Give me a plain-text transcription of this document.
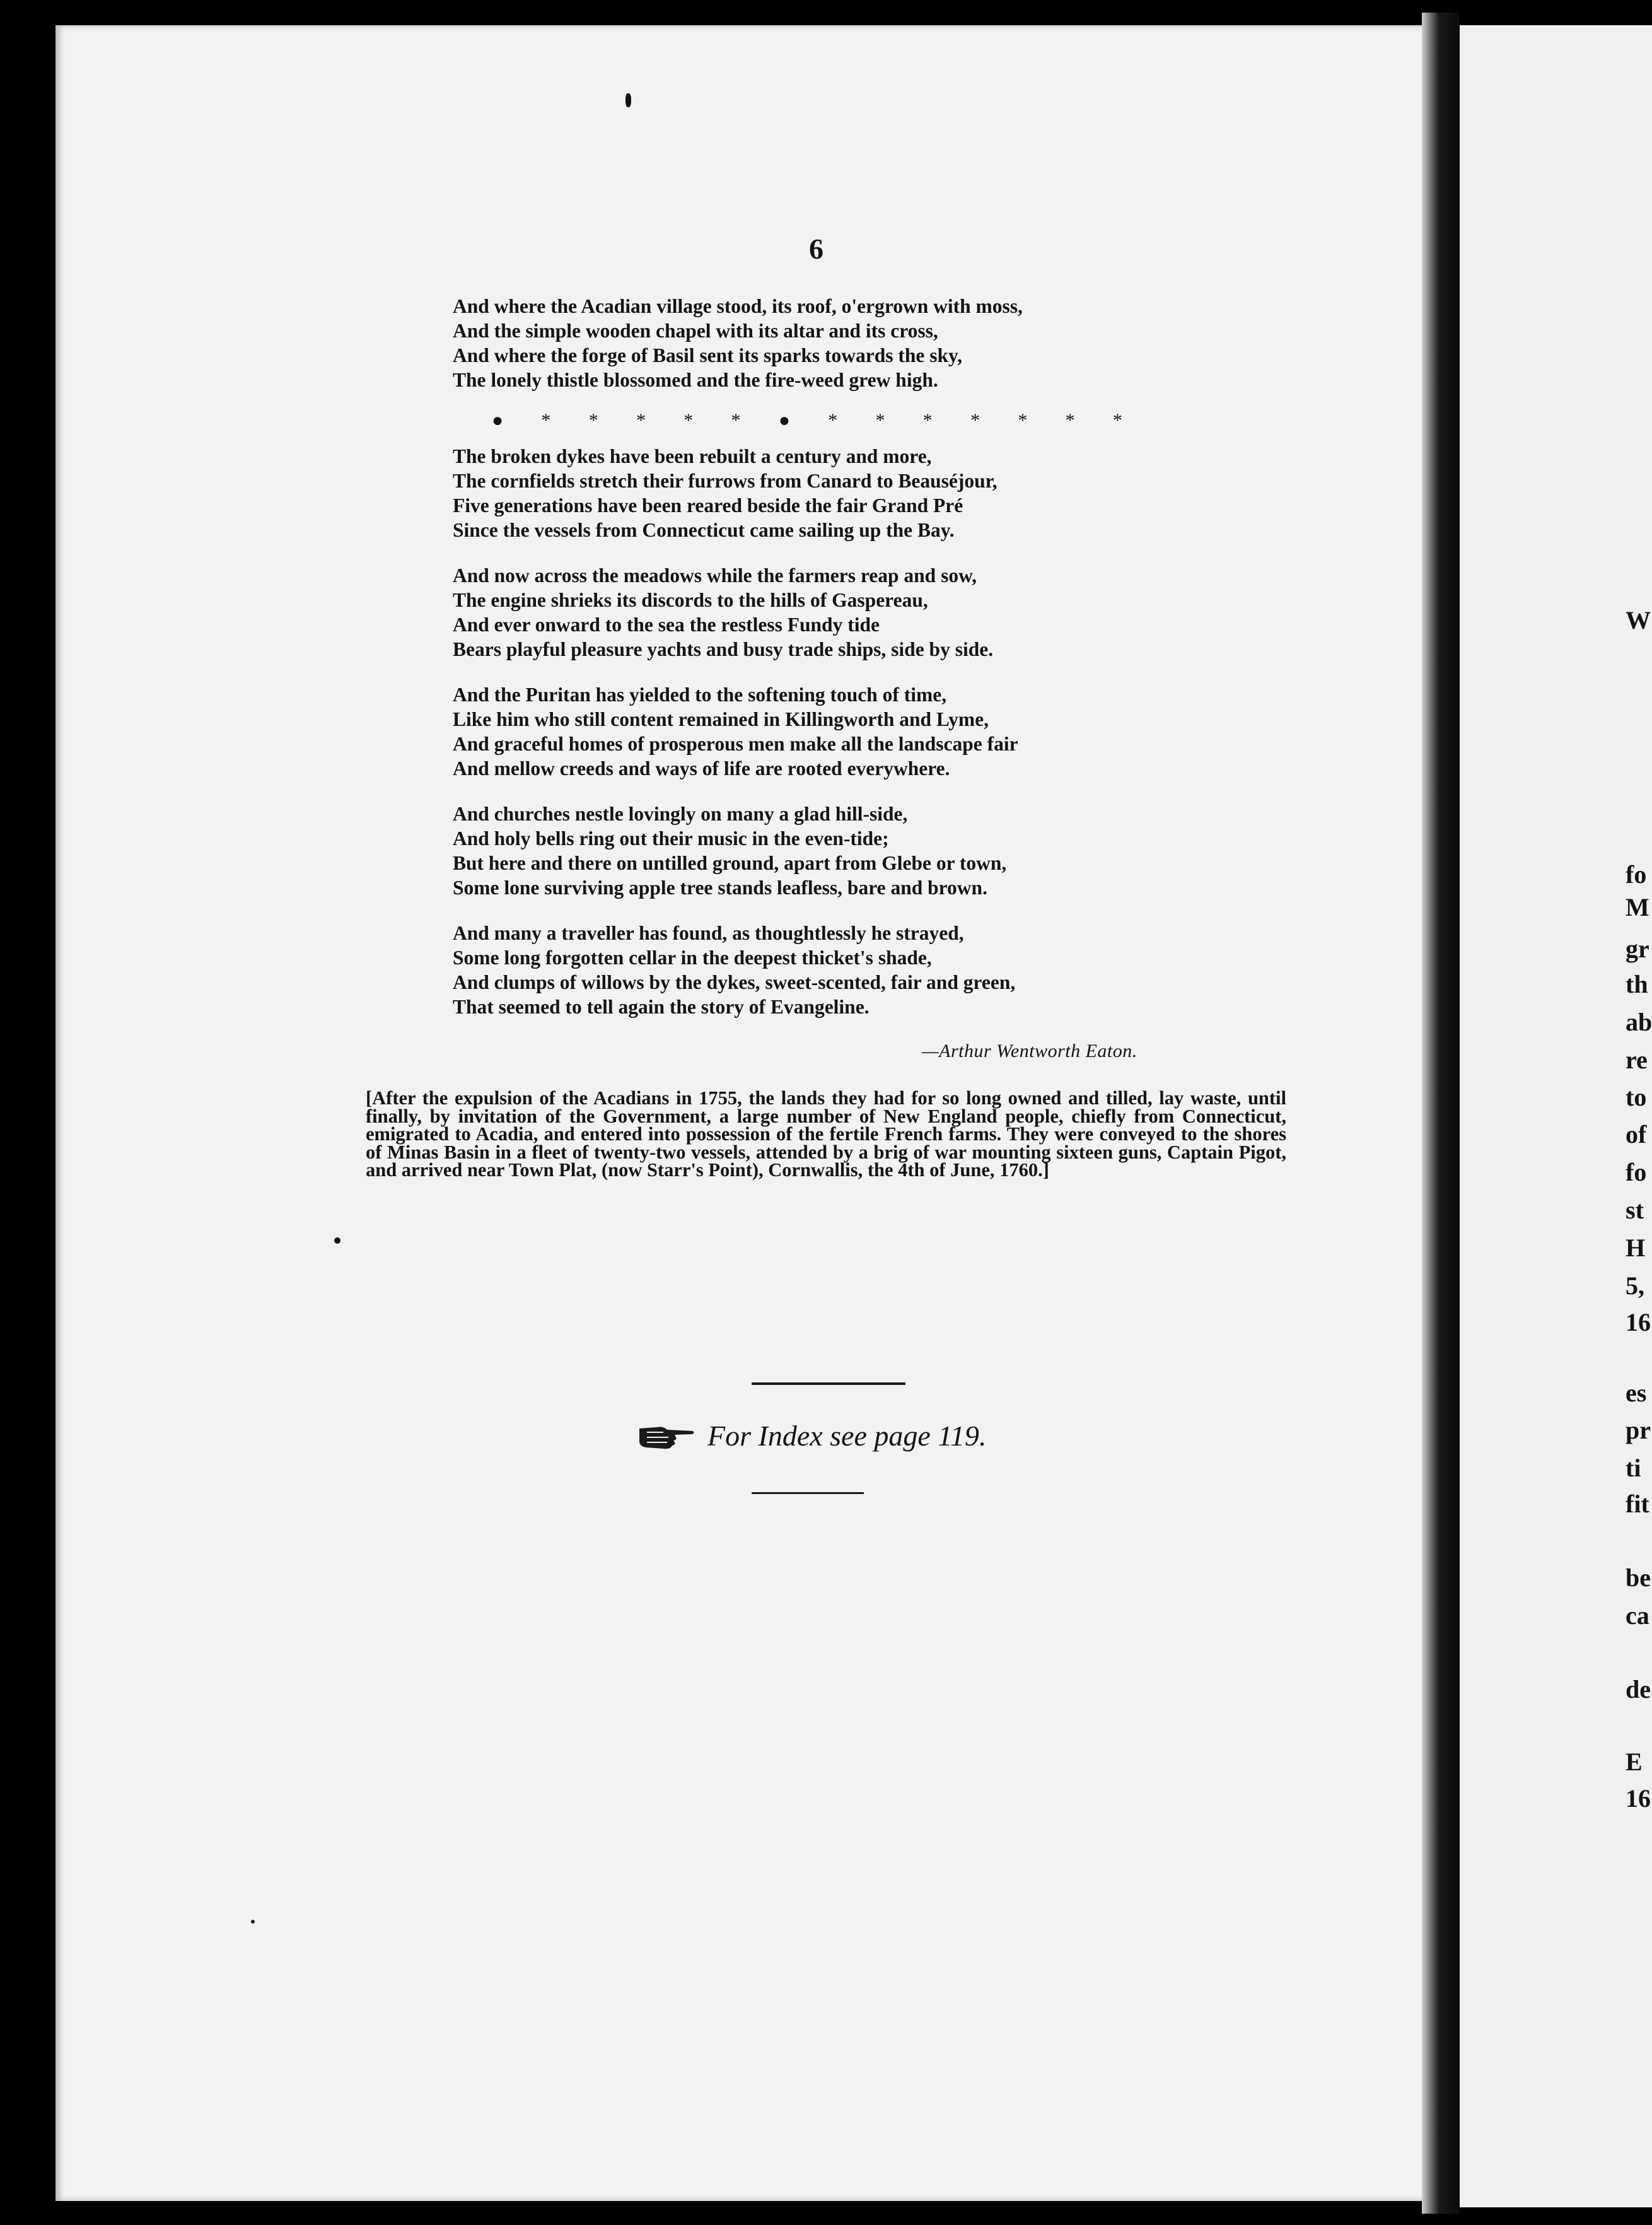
6
● * * * * * ● * * * * * * *

And where the Acadian village stood, its roof, o'ergrown with moss,

And the simple wooden chapel with its altar and its cross,

And where the forge of Basil sent its sparks towards the sky,

The lonely thistle blossomed and the fire-weed grew high.

The broken dykes have been rebuilt a century and more,

The cornfields stretch their furrows from Canard to Beauséjour,

Five generations have been reared beside the fair Grand Pré

Since the vessels from Connecticut came sailing up the Bay.

And now across the meadows while the farmers reap and sow,

The engine shrieks its discords to the hills of Gaspereau,

And ever onward to the sea the restless Fundy tide

Bears playful pleasure yachts and busy trade ships, side by side.

And the Puritan has yielded to the softening touch of time,

Like him who still content remained in Killingworth and Lyme,

And graceful homes of prosperous men make all the landscape fair

And mellow creeds and ways of life are rooted everywhere.

And churches nestle lovingly on many a glad hill-side,

And holy bells ring out their music in the even-tide;

But here and there on untilled ground, apart from Glebe or town,

Some lone surviving apple tree stands leafless, bare and brown.

And many a traveller has found, as thoughtlessly he strayed,

Some long forgotten cellar in the deepest thicket's shade,

And clumps of willows by the dykes, sweet-scented, fair and green,

That seemed to tell again the story of Evangeline.

—Arthur Wentworth Eaton.
[After the expulsion of the Acadians in 1755, the lands they had for so long owned and tilled, lay waste, until finally, by invitation of the Government, a large number of New England people, chiefly from Connecticut, emigrated to Acadia, and entered into possession of the fertile French farms. They were conveyed to the shores of Minas Basin in a fleet of twenty-two vessels, attended by a brig of war mounting sixteen guns, Captain Pigot, and arrived near Town Plat, (now Starr's Point), Cornwallis, the 4th of June, 1760.]
For Index see page 119.
W
fo
M
gr
th
ab
re
to
of
fo
st
H
5,
16
es
pr
ti
fit
be
ca
de
E
16
